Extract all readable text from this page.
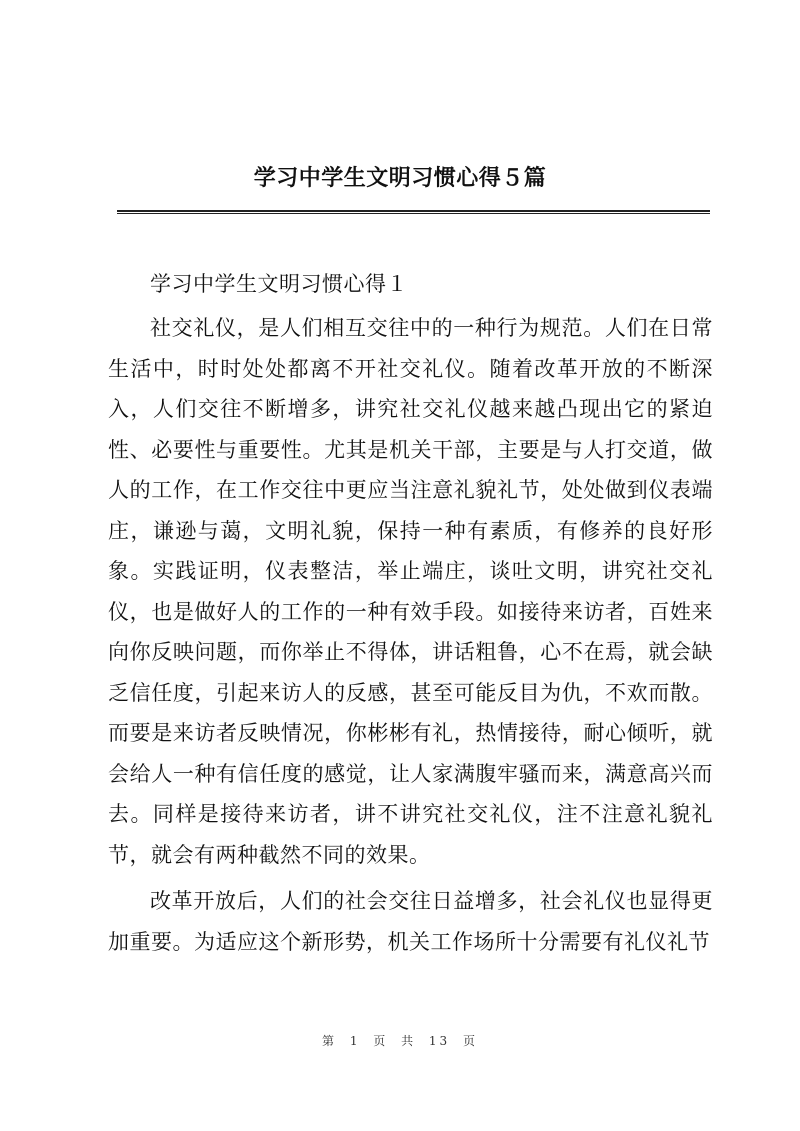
学习中学生文明习惯心得５篇
学习中学生文明习惯心得１

社交礼仪，是人们相互交往中的一种行为规范。人们在日常生活中，时时处处都离不开社交礼仪。随着改革开放的不断深入，人们交往不断增多，讲究社交礼仪越来越凸现出它的紧迫性、必要性与重要性。尤其是机关干部，主要是与人打交道，做人的工作，在工作交往中更应当注意礼貌礼节，处处做到仪表端庄，谦逊与蔼，文明礼貌，保持一种有素质，有修养的良好形象。实践证明，仪表整洁，举止端庄，谈吐文明，讲究社交礼仪，也是做好人的工作的一种有效手段。如接待来访者，百姓来向你反映问题，而你举止不得体，讲话粗鲁，心不在焉，就会缺乏信任度，引起来访人的反感，甚至可能反目为仇，不欢而散。而要是来访者反映情况，你彬彬有礼，热情接待，耐心倾听，就会给人一种有信任度的感觉，让人家满腹牢骚而来，满意高兴而去。同样是接待来访者，讲不讲究社交礼仪，注不注意礼貌礼节，就会有两种截然不同的效果。

改革开放后，人们的社会交往日益增多，社会礼仪也显得更加重要。为适应这个新形势，机关工作场所十分需要有礼仪礼节

第 1 页 共 13 页
